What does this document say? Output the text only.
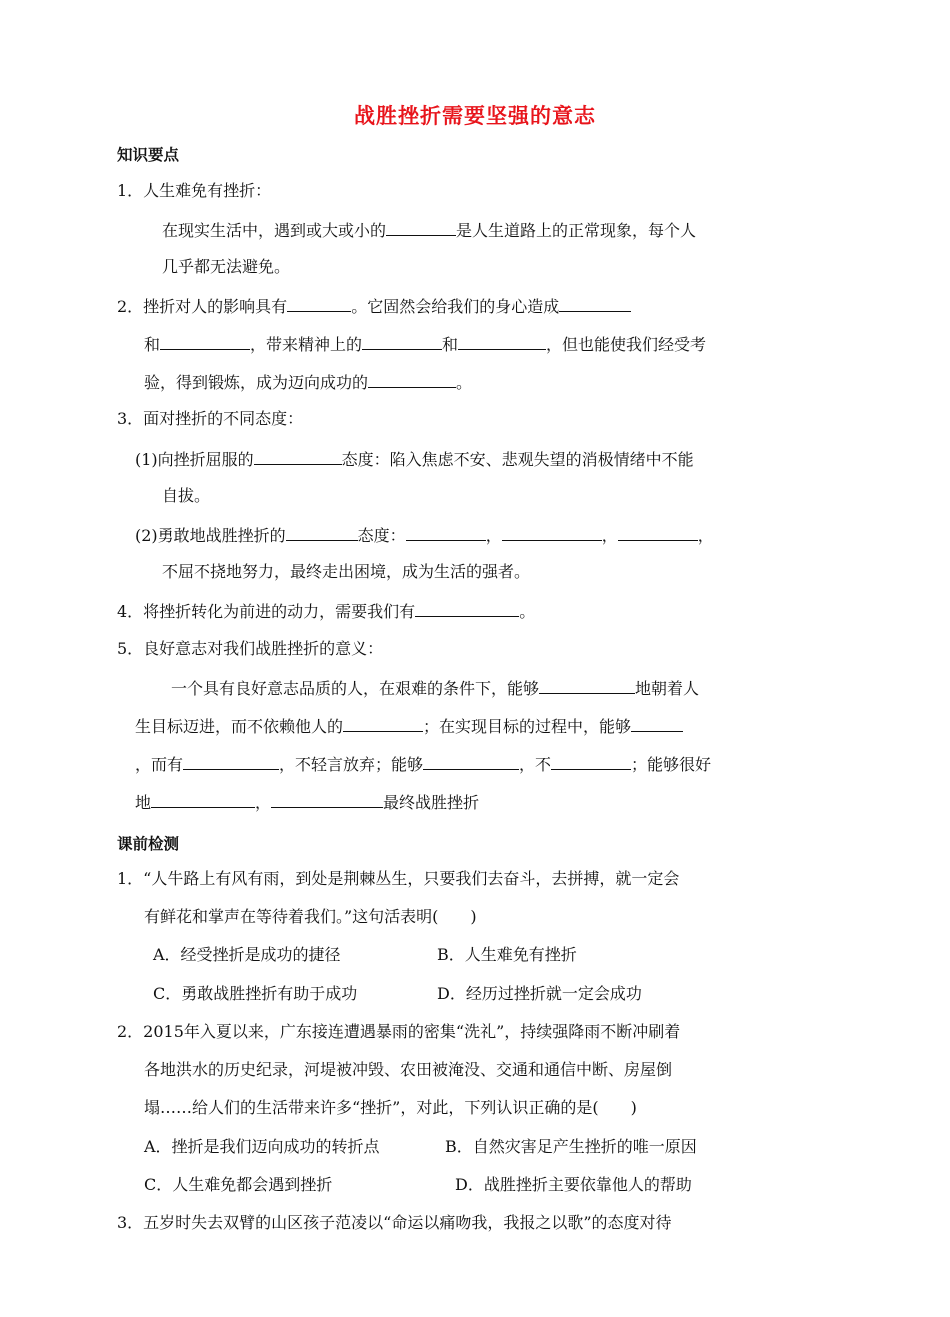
战胜挫折需要坚强的意志
知识要点
1．人生难免有挫折：
在现实生活中，遇到或大或小的	是人生道路上的正常现象，每个人
几乎都无法避免。
2．挫折对人的影响具有	。它固然会给我们的身心造成
和	，带来精神上的	和	，但也能使我们经受考
验，得到锻炼，成为迈向成功的	。
3．面对挫折的不同态度：
(1)向挫折屈服的	态度：陷入焦虑不安、悲观失望的消极情绪中不能
自拔。
(2)勇敢地战胜挫折的	态度：	，	，	，
不屈不挠地努力，最终走出困境，成为生活的强者。
4．将挫折转化为前进的动力，需要我们有	。
5．良好意志对我们战胜挫折的意义：
一个具有良好意志品质的人，在艰难的条件下，能够	地朝着人
生目标迈进，而不依赖他人的	；在实现目标的过程中，能够
，而有	，不轻言放弃；能够	，不	；能够很好
地	，	最终战胜挫折
课前检测
1．“人牛路上有风有雨，到处是荆棘丛生，只要我们去奋斗，去拼搏，就一定会
有鲜花和掌声在等待着我们。”这句活表明(　　)
A．经受挫折是成功的捷径	B．人生难免有挫折
C．勇敢战胜挫折有助于成功	D．经历过挫折就一定会成功
2．2015年入夏以来，广东接连遭遇暴雨的密集“洗礼”，持续强降雨不断冲刷着
各地洪水的历史纪录，河堤被冲毁、农田被淹没、交通和通信中断、房屋倒
塌……给人们的生活带来许多“挫折”，对此，下列认识正确的是(　　)
A．挫折是我们迈向成功的转折点	B．自然灾害足产生挫折的唯一原因
C．人生难免都会遇到挫折	D．战胜挫折主要依靠他人的帮助
3．五岁时失去双臂的山区孩子范凌以“命运以痛吻我，我报之以歌”的态度对待
